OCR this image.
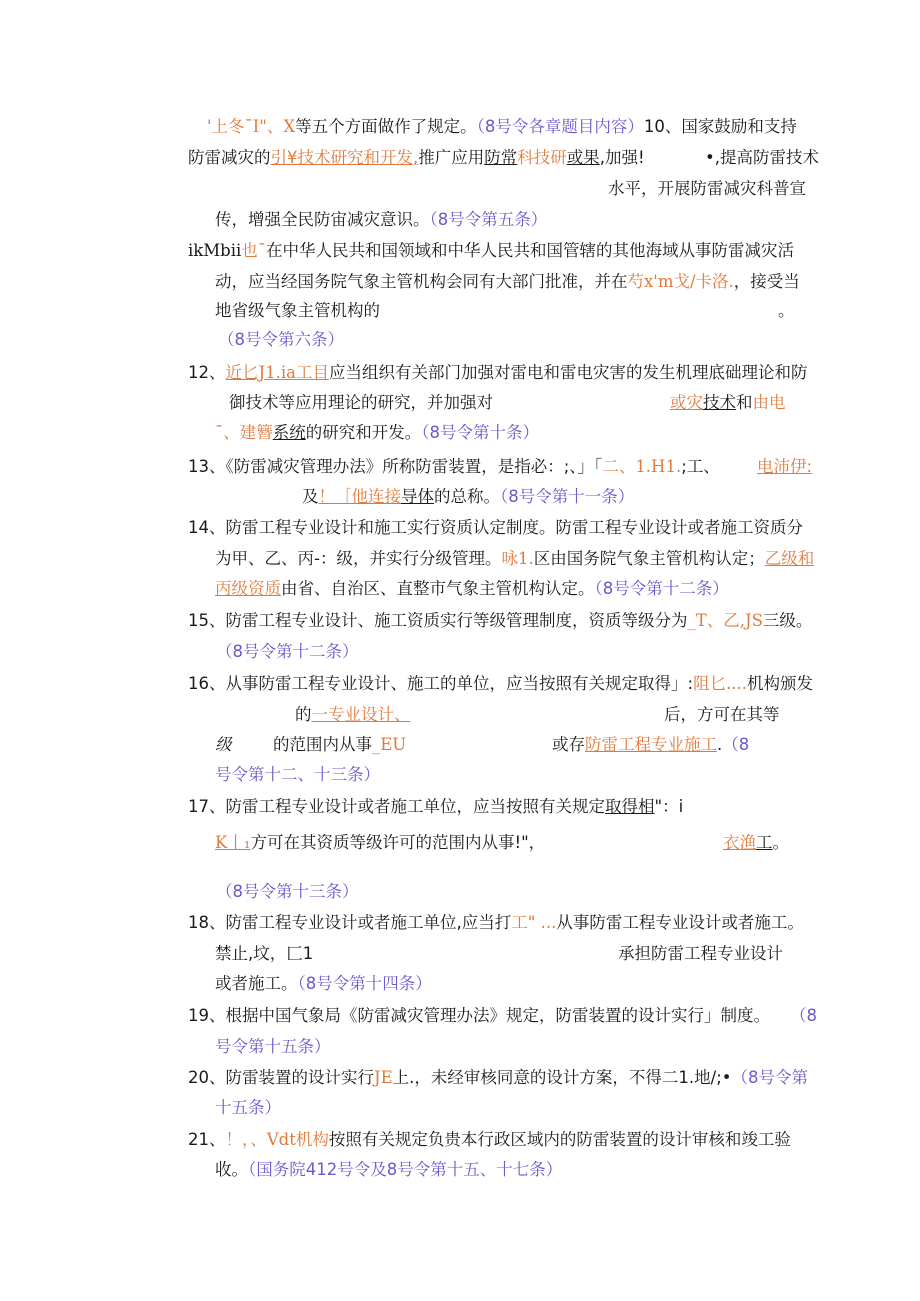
'上冬¯I"、X等五个方面做作了规定。（8号令各章题目内容）10、国家鼓励和支持
防雷减灾的引¥技术研究和开发,推广应用防常科技研或果,加强!	•,提高防雷技术
水平，开展防雷减灾科普宣
传，增强全民防宙减灾意识。（8号令第五条）
ikMbii也¯在中华人民共和国领域和中华人民共和国管辖的其他海域从事防雷减灾活
动，应当经国务院气象主管机构会同有大部门批准，并在芍x'm戈/卡洛.，接受当
地省级气象主管机构的	。
（8号令第六条）
12、近匕J1.ia工目应当组织有关部门加强对雷电和雷电灾害的发生机理底础理论和防
御技术等应用理论的研究，并加强对	或灾技术和由电
¯、建簪系统的研究和开发。（8号令第十条）
13、《防雷减灾管理办法》所称防雷装置，是指必：;、」「二、1.H1.;工、 电沛伊:
及！［他连接导体的总称。（8号令第十一条）
14、防雷工程专业设计和施工实行资质认定制度。防雷工程专业设计或者施工资质分
为甲、乙、丙-：级，并实行分级管理。咏1.区由国务院气象主管机构认定；乙级和
丙级资质由省、自治区、直整市气象主管机构认定。（8号令第十二条）
15、防雷工程专业设计、施工资质实行等级管理制度，资质等级分为_T、乙,JS三级。
（8号令第十二条）
16、从事防雷工程专业设计、施工的单位，应当按照有关规定取得」:阻匕....机构颁发
的一专业设计、	后，方可在其等
级	的范围内从事_EU	或存防雷工程专业施工.（8
号令第十二、十三条）
17、防雷工程专业设计或者施工单位，应当按照有关规定取得相"：i
K丨₁方可在其资质等级许可的范围内从事!"，	衣渔工。
（8号令第十三条）
18、防雷工程专业设计或者施工单位,应当打工" ...从事防雷工程专业设计或者施工。
禁止,坟，匚1	承担防雷工程专业设计
或者施工。（8号令第十四条）
19、根据中国气象局《防雷减灾管理办法》规定，防雷装置的设计实行」制度。 （8
号令第十五条）
20、防雷装置的设计实行JE上.，未经审核同意的设计方案，不得二1.地/;•（8号令第
十五条）
21、！，、Vdt机构按照有关规定负贵本行政区域内的防雷装置的设计审核和竣工验
收。（国务院412号令及8号令第十五、十七条）
